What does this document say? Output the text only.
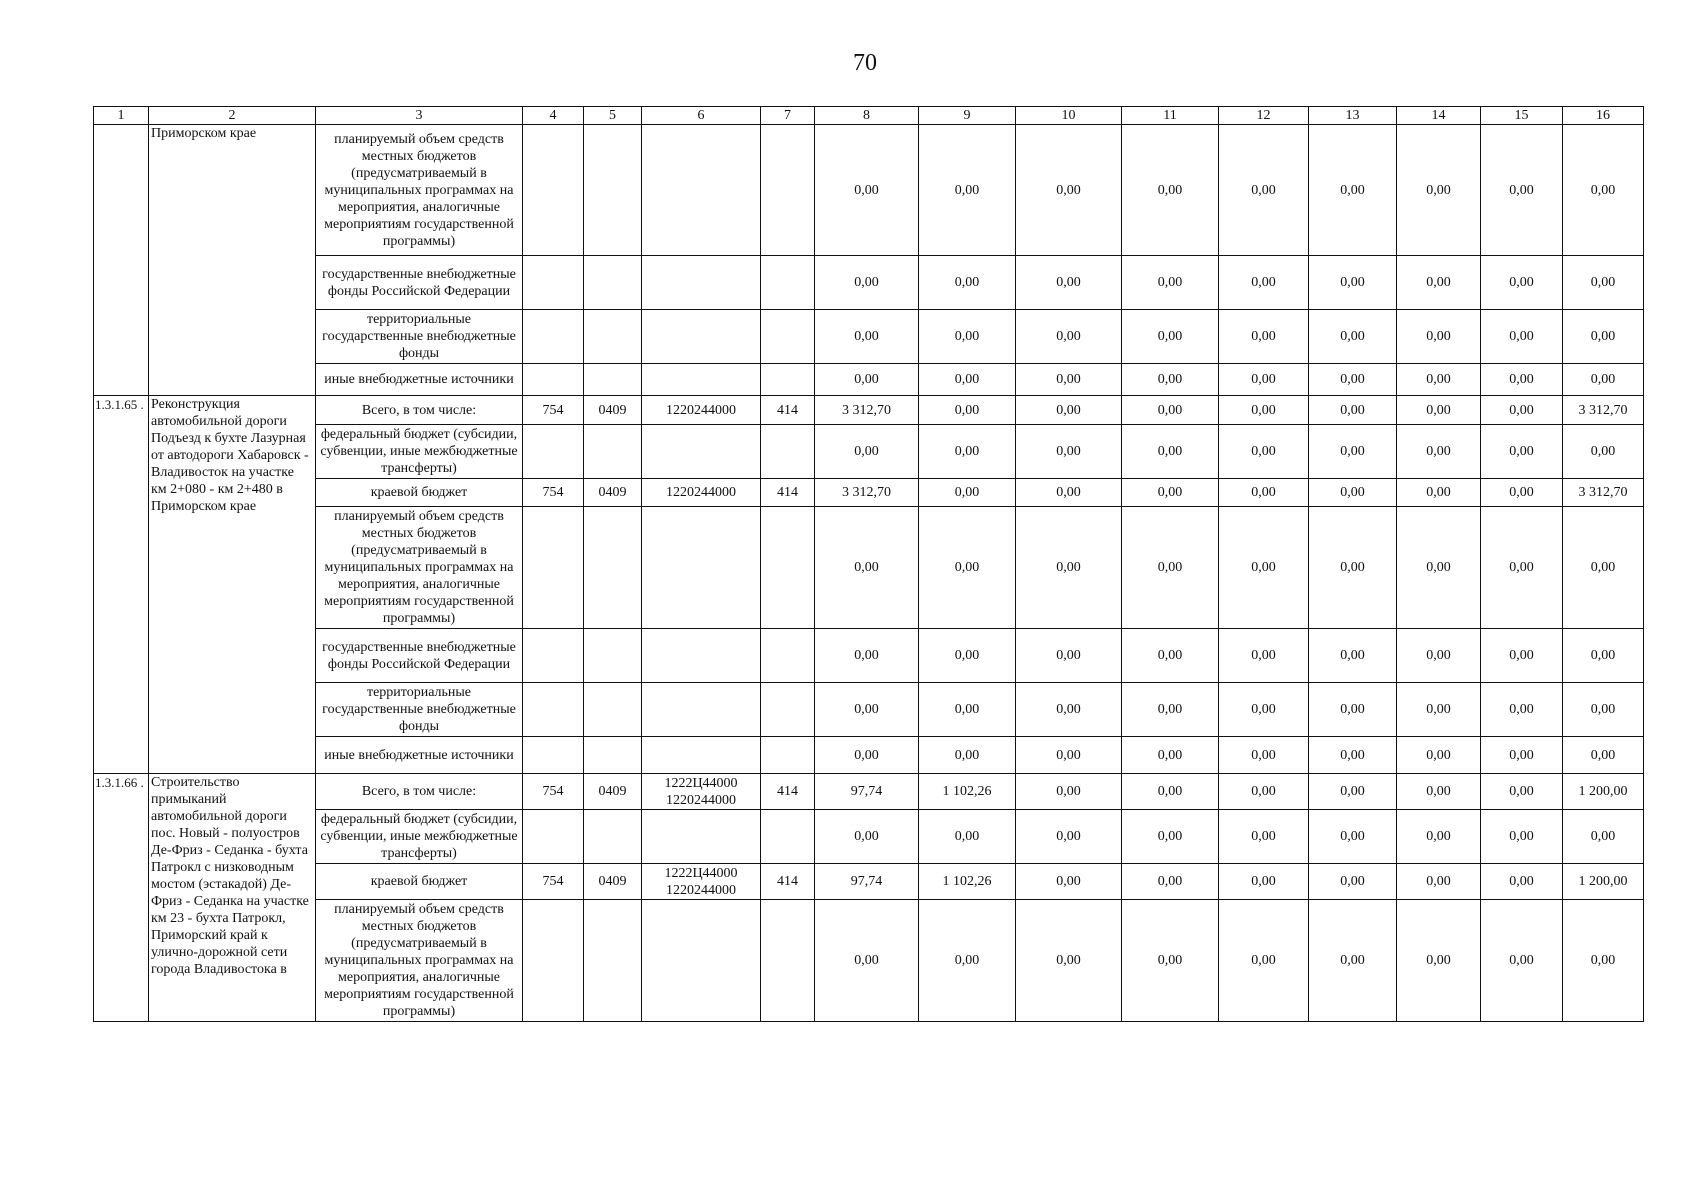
70
1	2	3	4	5	6	7	8	9	10	11	12	13	14	15	16
	Приморском крае	планируемый объем средств местных бюджетов (предусматриваемый в муниципальных программах на мероприятия, аналогичные мероприятиям государственной программы)					0,00	0,00	0,00	0,00	0,00	0,00	0,00	0,00	0,00
		государственные внебюджетные фонды Российской Федерации					0,00	0,00	0,00	0,00	0,00	0,00	0,00	0,00	0,00
		территориальные государственные внебюджетные фонды					0,00	0,00	0,00	0,00	0,00	0,00	0,00	0,00	0,00
		иные внебюджетные источники					0,00	0,00	0,00	0,00	0,00	0,00	0,00	0,00	0,00
1.3.1.65 .	Реконструкция автомобильной дороги Подъезд к бухте Лазурная от автодороги Хабаровск - Владивосток на участке км 2+080 - км 2+480 в Приморском крае	Всего, в том числе:	754	0409	1220244000	414	3 312,70	0,00	0,00	0,00	0,00	0,00	0,00	0,00	3 312,70
		федеральный бюджет (субсидии, субвенции, иные межбюджетные трансферты)					0,00	0,00	0,00	0,00	0,00	0,00	0,00	0,00	0,00
		краевой бюджет	754	0409	1220244000	414	3 312,70	0,00	0,00	0,00	0,00	0,00	0,00	0,00	3 312,70
		планируемый объем средств местных бюджетов (предусматриваемый в муниципальных программах на мероприятия, аналогичные мероприятиям государственной программы)					0,00	0,00	0,00	0,00	0,00	0,00	0,00	0,00	0,00
		государственные внебюджетные фонды Российской Федерации					0,00	0,00	0,00	0,00	0,00	0,00	0,00	0,00	0,00
		территориальные государственные внебюджетные фонды					0,00	0,00	0,00	0,00	0,00	0,00	0,00	0,00	0,00
		иные внебюджетные источники					0,00	0,00	0,00	0,00	0,00	0,00	0,00	0,00	0,00
1.3.1.66 .	Строительство примыканий автомобильной дороги пос. Новый - полуостров Де-Фриз - Седанка - бухта Патрокл с низководным мостом (эстакадой) Де-Фриз - Седанка на участке км 23 - бухта Патрокл, Приморский край к улично-дорожной сети города Владивостока в	Всего, в том числе:	754	0409	1222Ц44000 1220244000	414	97,74	1 102,26	0,00	0,00	0,00	0,00	0,00	0,00	1 200,00
		федеральный бюджет (субсидии, субвенции, иные межбюджетные трансферты)					0,00	0,00	0,00	0,00	0,00	0,00	0,00	0,00	0,00
		краевой бюджет	754	0409	1222Ц44000 1220244000	414	97,74	1 102,26	0,00	0,00	0,00	0,00	0,00	0,00	1 200,00
		планируемый объем средств местных бюджетов (предусматриваемый в муниципальных программах на мероприятия, аналогичные мероприятиям государственной программы)					0,00	0,00	0,00	0,00	0,00	0,00	0,00	0,00	0,00
